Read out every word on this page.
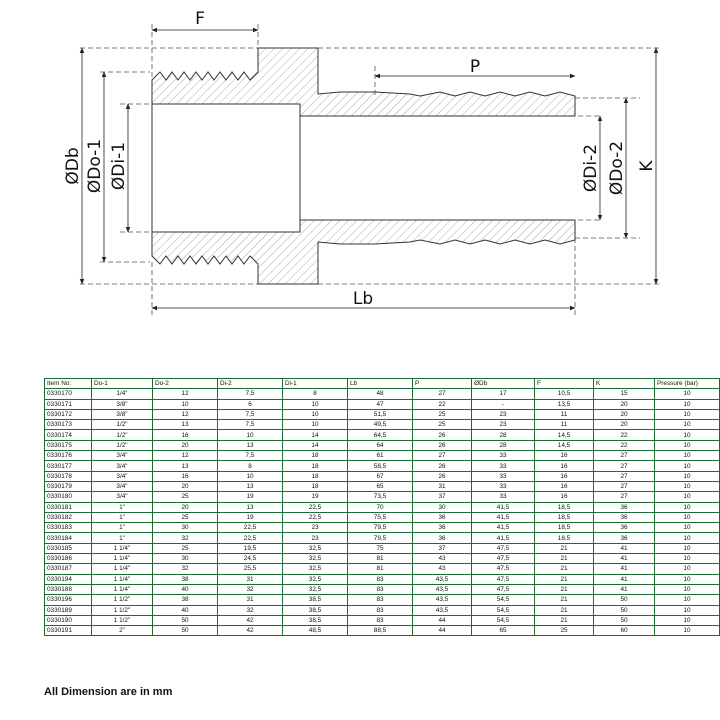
F
P
Lb
ØDb ØDo-1 ØDi-1	ØDi-2 ØDo-2 K
Item No:	Do-1	Do-2	Di-2	Di-1	Lb	P	ØDb	F	K	Pressure (bar)
0330170	1/4"	12	7,5	8	48	27	17	10,5	15	10
0330171	3/8"	10	6	10	47	22	-	13,5	20	10
0330172	3/8"	12	7,5	10	51,5	25	23	11	20	10
0330173	1/2"	13	7,5	10	49,5	25	23	11	20	10
0330174	1/2"	16	10	14	64,5	26	28	14,5	22	10
0330175	1/2"	20	13	14	64	26	28	14,5	22	10
0330176	3/4"	12	7,5	18	61	27	33	16	27	10
0330177	3/4"	13	8	18	58,5	26	33	16	27	10
0330178	3/4"	16	10	18	67	26	33	16	27	10
0330179	3/4"	20	13	18	65	31	33	16	27	10
0330180	3/4"	25	19	19	73,5	37	33	16	27	10
0330181	1"	20	13	22,5	70	30	41,5	18,5	36	10
0330182	1"	25	19	22,5	75,5	36	41,5	18,5	36	10
0330183	1"	30	22,5	23	79,5	36	41,5	18,5	36	10
0330184	1"	32	22,5	23	79,5	36	41,5	18,5	36	10
0330185	1 1/4"	25	19,5	32,5	75	37	47,5	21	41	10
0330186	1 1/4"	30	24,5	32,5	81	43	47,5	21	41	10
0330187	1 1/4"	32	25,5	32,5	81	43	47,5	21	41	10
0330194	1 1/4"	38	31	32,5	83	43,5	47,5	21	41	10
0330188	1 1/4"	40	32	32,5	83	43,5	47,5	21	41	10
0330196	1 1/2"	38	31	38,5	83	43,5	54,5	21	50	10
0330189	1 1/2"	40	32	38,5	83	43,5	54,5	21	50	10
0330190	1 1/2"	50	42	38,5	83	44	54,5	21	50	10
0330191	2"	50	42	48,5	88,5	44	65	25	60	10
All Dimension are in mm
